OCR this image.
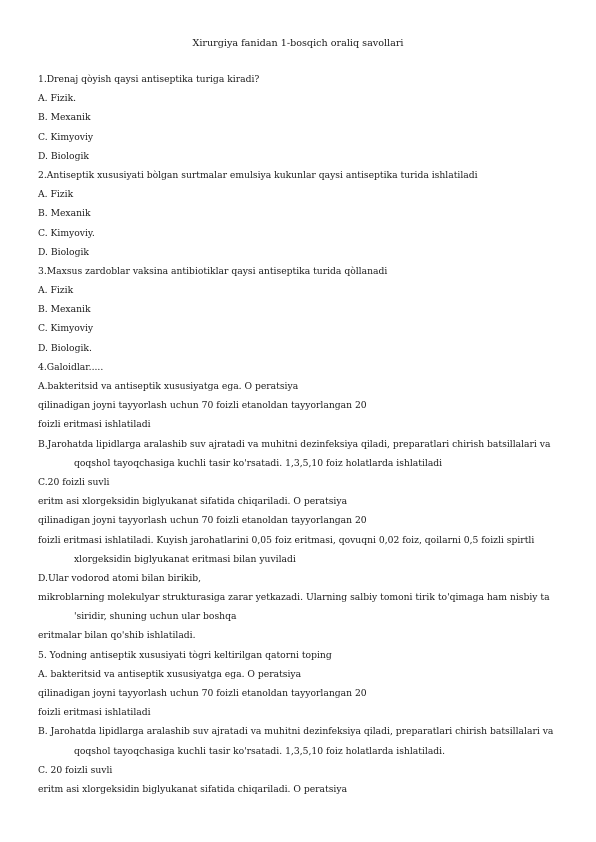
Xirurgiya fanidan 1-bosqich oraliq savollari
1.Drenaj qòyish qaysi antiseptika turiga kiradi?
A. Fizik.
B. Mexanik
C. Kimyoviy
D. Biologik
2.Antiseptik xususiyati bòlgan surtmalar emulsiya kukunlar qaysi antiseptika turida ishlatiladi
A. Fizik
B. Mexanik
C. Kimyoviy.
D. Biologik
3.Maxsus zardoblar vaksina antibiotiklar qaysi antiseptika turida qòllanadi
A. Fizik
B. Mexanik
C. Kimyoviy
D. Biologik.
4.Galoidlar.....
A.bakteritsid va antiseptik xususiyatga ega. O peratsiya
qilinadigan joyni tayyorlash uchun 70 foizli etanoldan tayyorlangan 20
foizli eritmasi ishlatiladi
B.Jarohatda lipidlarga aralashib suv ajratadi va muhitni dezinfeksiya qiladi, preparatlari chirish batsillalari va
qoqshol tayoqchasiga kuchli tasir ko'rsatadi. 1,3,5,10 foiz holatlarda ishlatiladi
C.20 foizli suvli
eritm asi xlorgeksidin biglyukanat sifatida chiqariladi. O peratsiya
qilinadigan joyni tayyorlash uchun 70 foizli etanoldan tayyorlangan 20
foizli eritmasi ishlatiladi. Kuyish jarohatlarini 0,05 foiz eritmasi, qovuqni 0,02 foiz, qoilarni 0,5 foizli spirtli
xlorgeksidin biglyukanat eritmasi bilan yuviladi
D.Ular vodorod atomi bilan birikib,
mikroblarning molekulyar strukturasiga zarar yetkazadi. Ularning salbiy tomoni tirik to'qimaga ham nisbiy ta
'siridir, shuning uchun ular boshqa
eritmalar bilan qo'shib ishlatiladi.
5. Yodning antiseptik xususiyati tògri keltirilgan qatorni toping
A. bakteritsid va antiseptik xususiyatga ega. O peratsiya
qilinadigan joyni tayyorlash uchun 70 foizli etanoldan tayyorlangan 20
foizli eritmasi ishlatiladi
B. Jarohatda lipidlarga aralashib suv ajratadi va muhitni dezinfeksiya qiladi, preparatlari chirish batsillalari va
qoqshol tayoqchasiga kuchli tasir ko'rsatadi. 1,3,5,10 foiz holatlarda ishlatiladi.
C. 20 foizli suvli
eritm asi xlorgeksidin biglyukanat sifatida chiqariladi. O peratsiya
